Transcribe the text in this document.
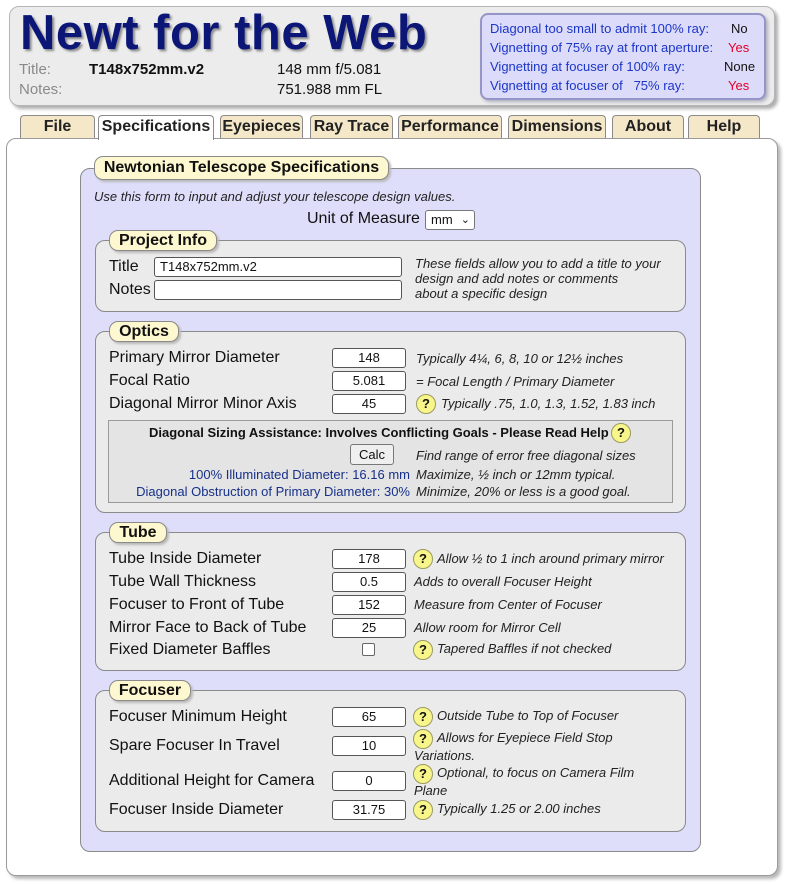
Newt for the Web
Title:	T148x752mm.v2
Notes:
148 mm f/5.081
751.988 mm FL
Diagonal too small to admit 100% ray: No
Vignetting of 75% ray at front aperture: Yes
Vignetting at focuser of 100% ray:	None
Vignetting at focuser of   75% ray:	Yes
File	Specifications Eyepieces Ray Trace Performance Dimensions	About	Help
Newtonian Telescope Specifications
Use this form to input and adjust your telescope design values.
Unit of Measure mm ⌄
Project Info
Title	T148x752mm.v2
Notes
These fields allow you to add a title to your
design and add notes or comments
about a specific design
Optics
Primary Mirror Diameter	148	Typically 4¼, 6, 8, 10 or 12½ inches
Focal Ratio	5.081	= Focal Length / Primary Diameter
Diagonal Mirror Minor Axis	45	? Typically .75, 1.0, 1.3, 1.52, 1.83 inch
Diagonal Sizing Assistance: Involves Conflicting Goals - Please Read Help ?
Calc	Find range of error free diagonal sizes
100% Illuminated Diameter: 16.16 mm Maximize, ½ inch or 12mm typical.
Diagonal Obstruction of Primary Diameter: 30% Minimize, 20% or less is a good goal.
Tube
Tube Inside Diameter	178	? Allow ½ to 1 inch around primary mirror
Tube Wall Thickness	0.5	Adds to overall Focuser Height
Focuser to Front of Tube	152	Measure from Center of Focuser
Mirror Face to Back of Tube	25	Allow room for Mirror Cell
Fixed Diameter Baffles	? Tapered Baffles if not checked
Focuser
Focuser Minimum Height	65	? Outside Tube to Top of Focuser
Spare Focuser In Travel	10	? Allows for Eyepiece Field Stop
Variations.
Additional Height for Camera	0	? Optional, to focus on Camera Film
Plane
Focuser Inside Diameter	31.75	? Typically 1.25 or 2.00 inches
